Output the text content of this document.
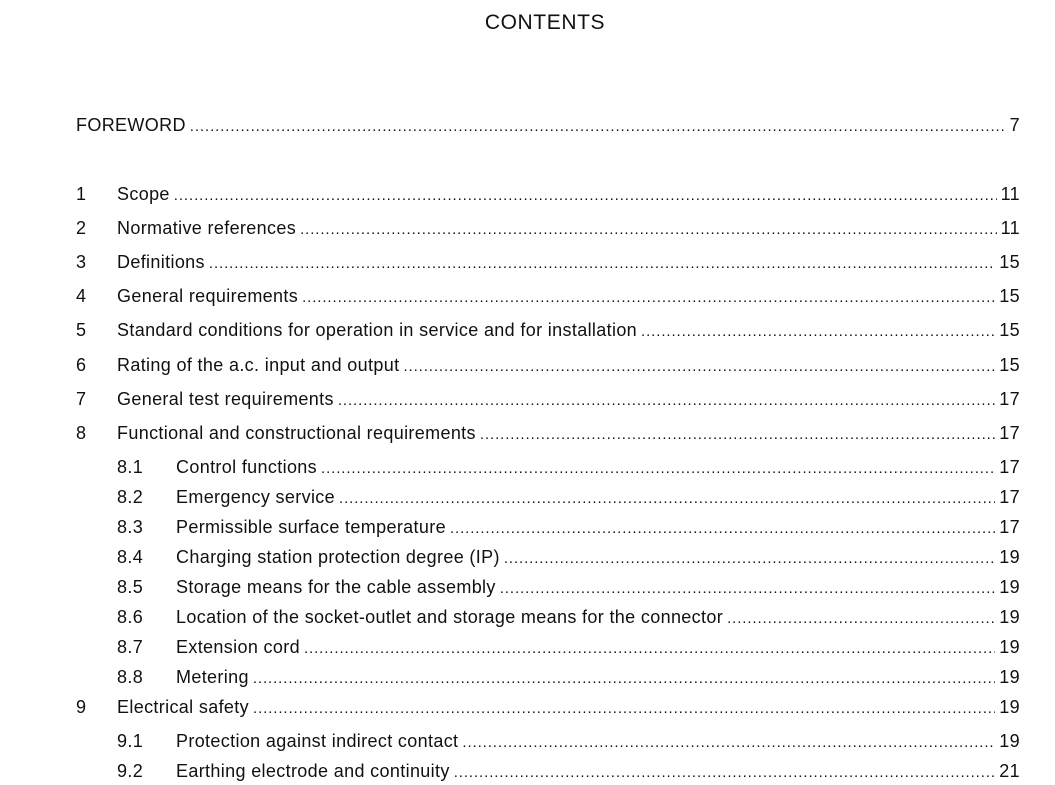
CONTENTS
FOREWORD .....	7
1	Scope .....	11
2	Normative references .....	11
3	Definitions .....	15
4	General requirements .....	15
5	Standard conditions for operation in service and for installation .....	15
6	Rating of the a.c. input and output .....	15
7	General test requirements .....	17
8	Functional and constructional requirements .....	17
8.1	Control functions .....	17
8.2	Emergency service .....	17
8.3	Permissible surface temperature .....	17
8.4	Charging station protection degree (IP) .....	19
8.5	Storage means for the cable assembly .....	19
8.6	Location of the socket-outlet and storage means for the connector .....	19
8.7	Extension cord .....	19
8.8	Metering .....	19
9	Electrical safety .....	19
9.1	Protection against indirect contact .....	19
9.2	Earthing electrode and continuity .....	21
